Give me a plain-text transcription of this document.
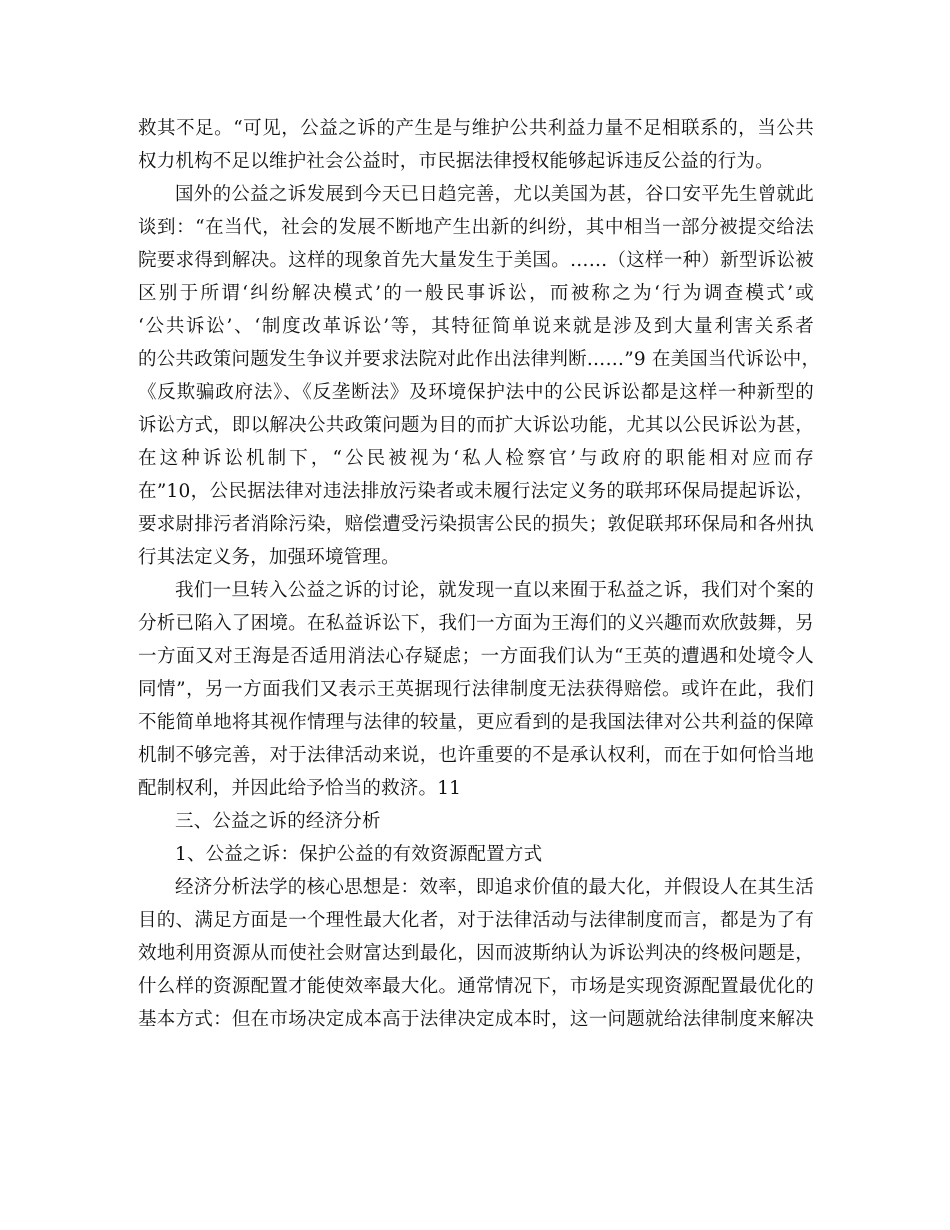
救其不足。“可见，公益之诉的产生是与维护公共利益力量不足相联系的，当公共
权力机构不足以维护社会公益时，市民据法律授权能够起诉违反公益的行为。
国外的公益之诉发展到今天已日趋完善，尤以美国为甚，谷口安平先生曾就此
谈到：“在当代，社会的发展不断地产生出新的纠纷，其中相当一部分被提交给法
院要求得到解决。这样的现象首先大量发生于美国。……（这样一种）新型诉讼被
区别于所谓‘纠纷解决模式’的一般民事诉讼，而被称之为‘行为调查模式’或
‘公共诉讼’、‘制度改革诉讼’等，其特征简单说来就是涉及到大量利害关系者
的公共政策问题发生争议并要求法院对此作出法律判断……”9 在美国当代诉讼中，
《反欺骗政府法》、《反垄断法》及环境保护法中的公民诉讼都是这样一种新型的
诉讼方式，即以解决公共政策问题为目的而扩大诉讼功能，尤其以公民诉讼为甚，
在这种诉讼机制下，“公民被视为‘私人检察官’与政府的职能相对应而存
在”10，公民据法律对违法排放污染者或未履行法定义务的联邦环保局提起诉讼，
要求尉排污者消除污染，赔偿遭受污染损害公民的损失；敦促联邦环保局和各州执
行其法定义务，加强环境管理。
我们一旦转入公益之诉的讨论，就发现一直以来囿于私益之诉，我们对个案的
分析已陷入了困境。在私益诉讼下，我们一方面为王海们的义兴趣而欢欣鼓舞，另
一方面又对王海是否适用消法心存疑虑；一方面我们认为“王英的遭遇和处境令人
同情”，另一方面我们又表示王英据现行法律制度无法获得赔偿。或许在此，我们
不能简单地将其视作情理与法律的较量，更应看到的是我国法律对公共利益的保障
机制不够完善，对于法律活动来说，也许重要的不是承认权利，而在于如何恰当地
配制权利，并因此给予恰当的救济。11
三、公益之诉的经济分析
1、公益之诉：保护公益的有效资源配置方式
经济分析法学的核心思想是：效率，即追求价值的最大化，并假设人在其生活
目的、满足方面是一个理性最大化者，对于法律活动与法律制度而言，都是为了有
效地利用资源从而使社会财富达到最化，因而波斯纳认为诉讼判决的终极问题是，
什么样的资源配置才能使效率最大化。通常情况下，市场是实现资源配置最优化的
基本方式：但在市场决定成本高于法律决定成本时，这一问题就给法律制度来解决
